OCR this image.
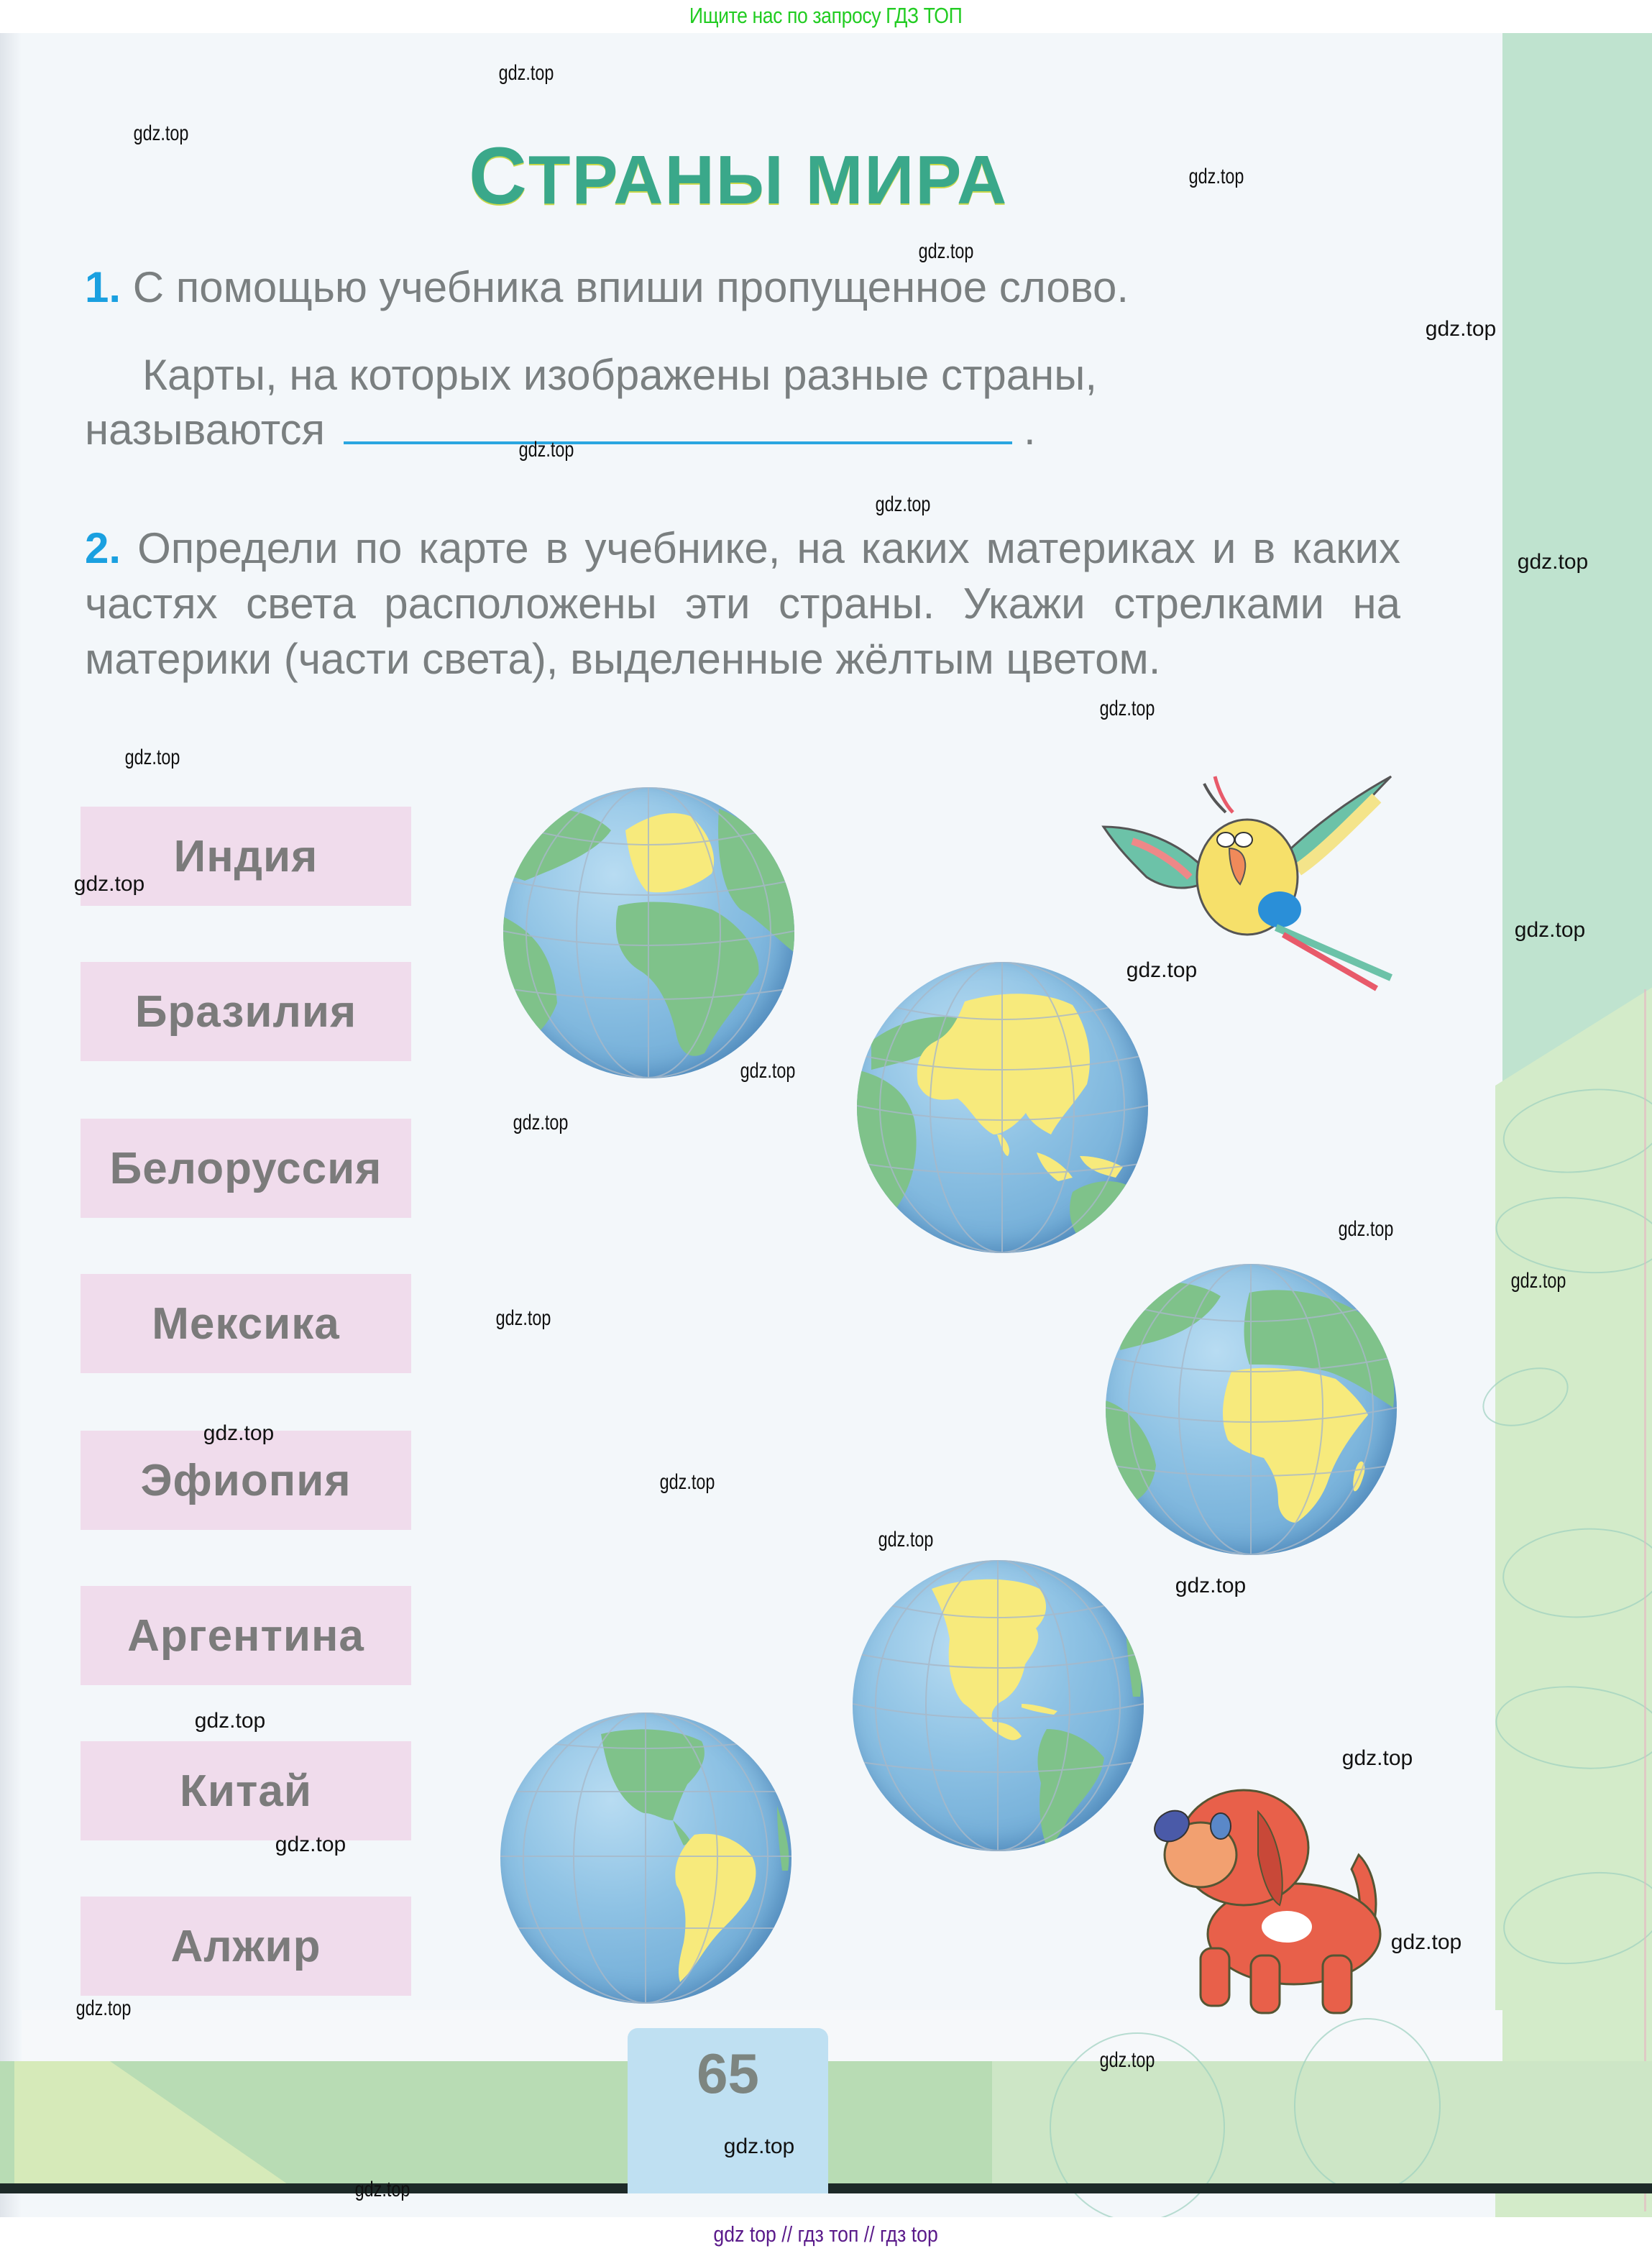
Ищите нас по запросу ГДЗ ТОП
65
СТРАНЫ МИРА
1. С помощью учебника впиши пропущенное слово.
Карты, на которых изображены разные страны,
называются	.
2. Определи по карте в учебнике, на каких материках и в каких частях света расположены эти страны. Укажи стрелками на материки (части света), выделенные жёлтым цветом.
Индия
Бразилия
Белоруссия
Мексика
Эфиопия
Аргентина
Китай
Алжир
gdz.top
gdz.top
gdz.top
gdz.top
gdz.top
gdz.top
gdz.top
gdz.top
gdz.top
gdz.top
gdz.top
gdz.top
gdz.top
gdz.top
gdz.top
gdz.top
gdz.top
gdz.top
gdz.top
gdz.top
gdz.top
gdz.top
gdz.top
gdz.top
gdz.top
gdz.top
gdz.top
gdz.top
gdz.top
gdz.top
gdz top // гдз топ // гдз top
